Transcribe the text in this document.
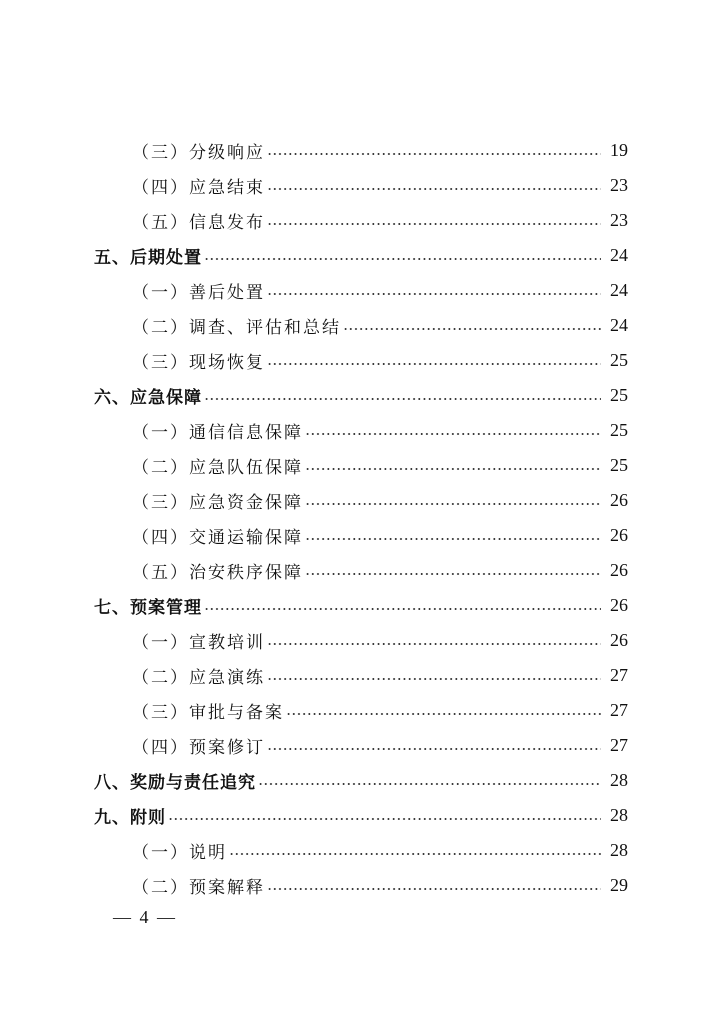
（三）分级响应	19
（四）应急结束	23
（五）信息发布	23
五、后期处置	24
（一）善后处置	24
（二）调查、评估和总结	24
（三）现场恢复	25
六、应急保障	25
（一）通信信息保障	25
（二）应急队伍保障	25
（三）应急资金保障	26
（四）交通运输保障	26
（五）治安秩序保障	26
七、预案管理	26
（一）宣教培训	26
（二）应急演练	27
（三）审批与备案	27
（四）预案修订	27
八、奖励与责任追究	28
九、附则	28
（一）说明	28
（二）预案解释	29
— 4 —
